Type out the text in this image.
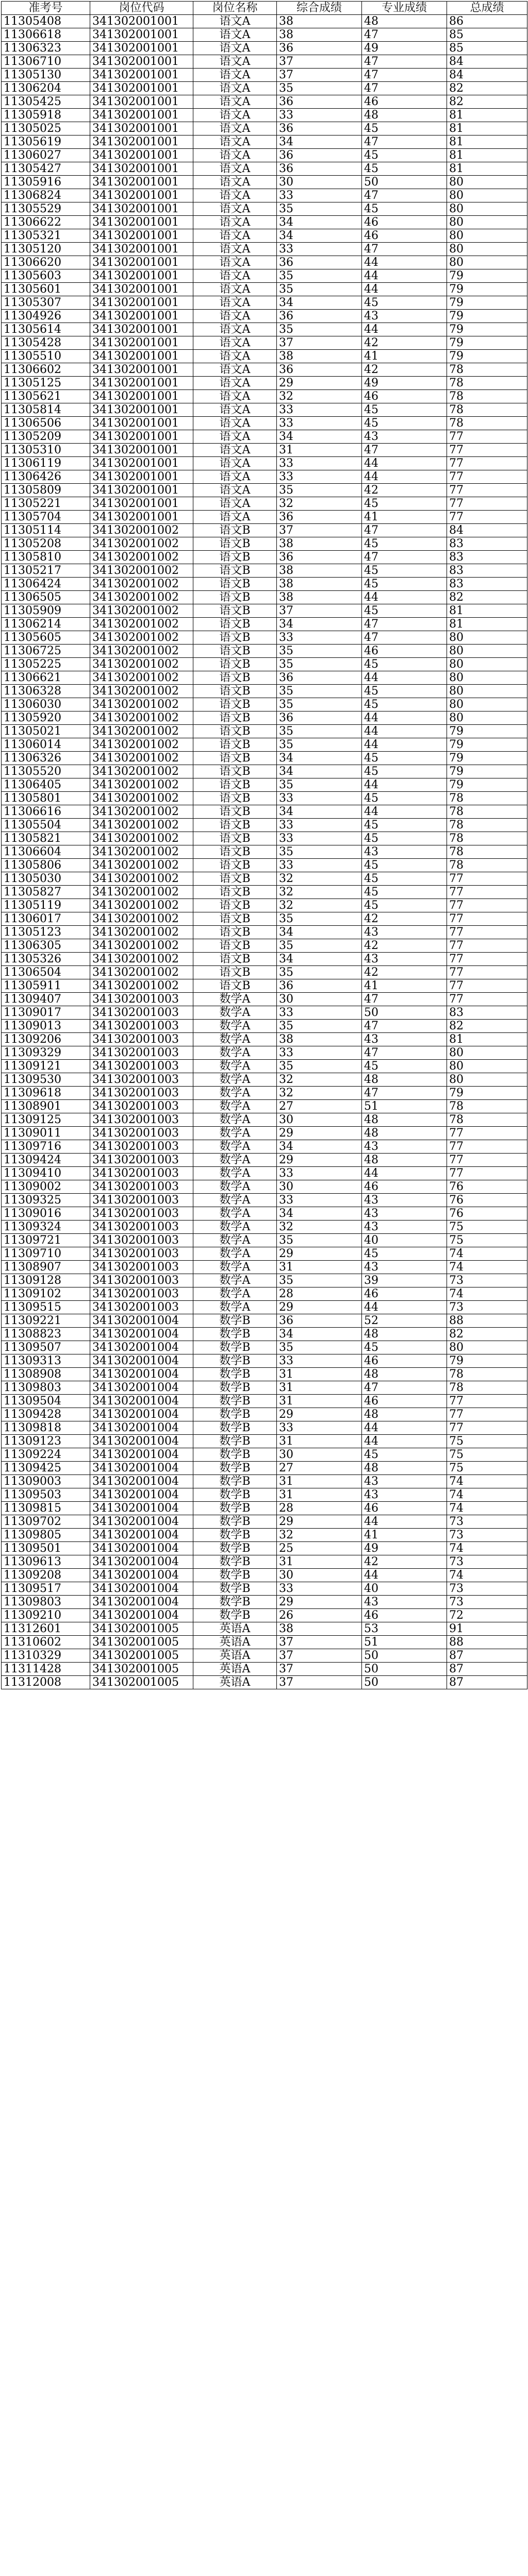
准考号	岗位代码	岗位名称	综合成绩	专业成绩	总成绩
11305408	341302001001	语文A	38	48	86
11306618	341302001001	语文A	38	47	85
11306323	341302001001	语文A	36	49	85
11306710	341302001001	语文A	37	47	84
11305130	341302001001	语文A	37	47	84
11306204	341302001001	语文A	35	47	82
11305425	341302001001	语文A	36	46	82
11305918	341302001001	语文A	33	48	81
11305025	341302001001	语文A	36	45	81
11305619	341302001001	语文A	34	47	81
11306027	341302001001	语文A	36	45	81
11305427	341302001001	语文A	36	45	81
11305916	341302001001	语文A	30	50	80
11306824	341302001001	语文A	33	47	80
11305529	341302001001	语文A	35	45	80
11306622	341302001001	语文A	34	46	80
11305321	341302001001	语文A	34	46	80
11305120	341302001001	语文A	33	47	80
11306620	341302001001	语文A	36	44	80
11305603	341302001001	语文A	35	44	79
11305601	341302001001	语文A	35	44	79
11305307	341302001001	语文A	34	45	79
11304926	341302001001	语文A	36	43	79
11305614	341302001001	语文A	35	44	79
11305428	341302001001	语文A	37	42	79
11305510	341302001001	语文A	38	41	79
11306602	341302001001	语文A	36	42	78
11305125	341302001001	语文A	29	49	78
11305621	341302001001	语文A	32	46	78
11305814	341302001001	语文A	33	45	78
11306506	341302001001	语文A	33	45	78
11305209	341302001001	语文A	34	43	77
11305310	341302001001	语文A	31	47	77
11306119	341302001001	语文A	33	44	77
11306426	341302001001	语文A	33	44	77
11305809	341302001001	语文A	35	42	77
11305221	341302001001	语文A	32	45	77
11305704	341302001001	语文A	36	41	77
11305114	341302001002	语文B	37	47	84
11305208	341302001002	语文B	38	45	83
11305810	341302001002	语文B	36	47	83
11305217	341302001002	语文B	38	45	83
11306424	341302001002	语文B	38	45	83
11306505	341302001002	语文B	38	44	82
11305909	341302001002	语文B	37	45	81
11306214	341302001002	语文B	34	47	81
11305605	341302001002	语文B	33	47	80
11306725	341302001002	语文B	35	46	80
11305225	341302001002	语文B	35	45	80
11306621	341302001002	语文B	36	44	80
11306328	341302001002	语文B	35	45	80
11306030	341302001002	语文B	35	45	80
11305920	341302001002	语文B	36	44	80
11305021	341302001002	语文B	35	44	79
11306014	341302001002	语文B	35	44	79
11306326	341302001002	语文B	34	45	79
11305520	341302001002	语文B	34	45	79
11306405	341302001002	语文B	35	44	79
11305801	341302001002	语文B	33	45	78
11306616	341302001002	语文B	34	44	78
11305504	341302001002	语文B	33	45	78
11305821	341302001002	语文B	33	45	78
11306604	341302001002	语文B	35	43	78
11305806	341302001002	语文B	33	45	78
11305030	341302001002	语文B	32	45	77
11305827	341302001002	语文B	32	45	77
11305119	341302001002	语文B	32	45	77
11306017	341302001002	语文B	35	42	77
11305123	341302001002	语文B	34	43	77
11306305	341302001002	语文B	35	42	77
11305326	341302001002	语文B	34	43	77
11306504	341302001002	语文B	35	42	77
11305911	341302001002	语文B	36	41	77
11309407	341302001003	数学A	30	47	77
11309017	341302001003	数学A	33	50	83
11309013	341302001003	数学A	35	47	82
11309206	341302001003	数学A	38	43	81
11309329	341302001003	数学A	33	47	80
11309121	341302001003	数学A	35	45	80
11309530	341302001003	数学A	32	48	80
11309618	341302001003	数学A	32	47	79
11308901	341302001003	数学A	27	51	78
11309125	341302001003	数学A	30	48	78
11309011	341302001003	数学A	29	48	77
11309716	341302001003	数学A	34	43	77
11309424	341302001003	数学A	29	48	77
11309410	341302001003	数学A	33	44	77
11309002	341302001003	数学A	30	46	76
11309325	341302001003	数学A	33	43	76
11309016	341302001003	数学A	34	43	76
11309324	341302001003	数学A	32	43	75
11309721	341302001003	数学A	35	40	75
11309710	341302001003	数学A	29	45	74
11308907	341302001003	数学A	31	43	74
11309128	341302001003	数学A	35	39	73
11309102	341302001003	数学A	28	46	74
11309515	341302001003	数学A	29	44	73
11309221	341302001004	数学B	36	52	88
11308823	341302001004	数学B	34	48	82
11309507	341302001004	数学B	35	45	80
11309313	341302001004	数学B	33	46	79
11308908	341302001004	数学B	31	48	78
11309803	341302001004	数学B	31	47	78
11309504	341302001004	数学B	31	46	77
11309428	341302001004	数学B	29	48	77
11309818	341302001004	数学B	33	44	77
11309123	341302001004	数学B	31	44	75
11309224	341302001004	数学B	30	45	75
11309425	341302001004	数学B	27	48	75
11309003	341302001004	数学B	31	43	74
11309503	341302001004	数学B	31	43	74
11309815	341302001004	数学B	28	46	74
11309702	341302001004	数学B	29	44	73
11309805	341302001004	数学B	32	41	73
11309501	341302001004	数学B	25	49	74
11309613	341302001004	数学B	31	42	73
11309208	341302001004	数学B	30	44	74
11309517	341302001004	数学B	33	40	73
11309803	341302001004	数学B	29	43	73
11309210	341302001004	数学B	26	46	72
11312601	341302001005	英语A	38	53	91
11310602	341302001005	英语A	37	51	88
11310329	341302001005	英语A	37	50	87
11311428	341302001005	英语A	37	50	87
11312008	341302001005	英语A	37	50	87
